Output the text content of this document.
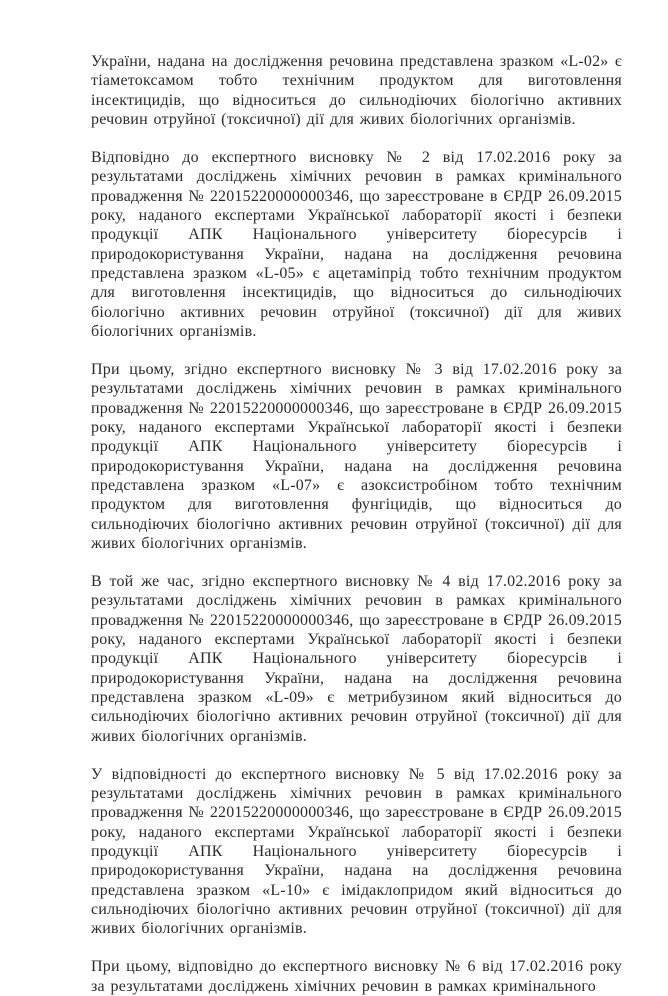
України, надана на дослідження речовина представлена зразком «L-02» є тіаметоксамом тобто технічним продуктом для виготовлення інсектицидів, що відноситься до сильнодіючих біологічно активних речовин отруйної (токсичної) дії для живих біологічних організмів.

Відповідно до експертного висновку № 2 від 17.02.2016 року за результатами досліджень хімічних речовин в рамках кримінального провадження № 22015220000000346, що зареєстроване в ЄРДР 26.09.2015 року, наданого експертами Української лабораторії якості і безпеки продукції АПК Національного університету біоресурсів і природокористування України, надана на дослідження речовина представлена зразком «L-05» є ацетаміпрід тобто технічним продуктом для виготовлення інсектицидів, що відноситься до сильнодіючих біологічно активних речовин отруйної (токсичної) дії для живих біологічних організмів.

При цьому, згідно експертного висновку № 3 від 17.02.2016 року за результатами досліджень хімічних речовин в рамках кримінального провадження № 22015220000000346, що зареєстроване в ЄРДР 26.09.2015 року, наданого експертами Української лабораторії якості і безпеки продукції АПК Національного університету біоресурсів і природокористування України, надана на дослідження речовина представлена зразком «L-07» є азоксистробіном тобто технічним продуктом для виготовлення фунгіцидів, що відноситься до сильнодіючих біологічно активних речовин отруйної (токсичної) дії для живих біологічних організмів.

В той же час, згідно експертного висновку № 4 від 17.02.2016 року за результатами досліджень хімічних речовин в рамках кримінального провадження № 22015220000000346, що зареєстроване в ЄРДР 26.09.2015 року, наданого експертами Української лабораторії якості і безпеки продукції АПК Національного університету біоресурсів і природокористування України, надана на дослідження речовина представлена зразком «L-09» є метрибузином який відноситься до сильнодіючих біологічно активних речовин отруйної (токсичної) дії для живих біологічних організмів.

У відповідності до експертного висновку № 5 від 17.02.2016 року за результатами досліджень хімічних речовин в рамках кримінального провадження № 22015220000000346, що зареєстроване в ЄРДР 26.09.2015 року, наданого експертами Української лабораторії якості і безпеки продукції АПК Національного університету біоресурсів і природокористування України, надана на дослідження речовина представлена зразком «L-10» є імідаклопридом який відноситься до сильнодіючих біологічно активних речовин отруйної (токсичної) дії для живих біологічних організмів.

При цьому, відповідно до експертного висновку № 6 від 17.02.2016 року за результатами досліджень хімічних речовин в рамках кримінального
